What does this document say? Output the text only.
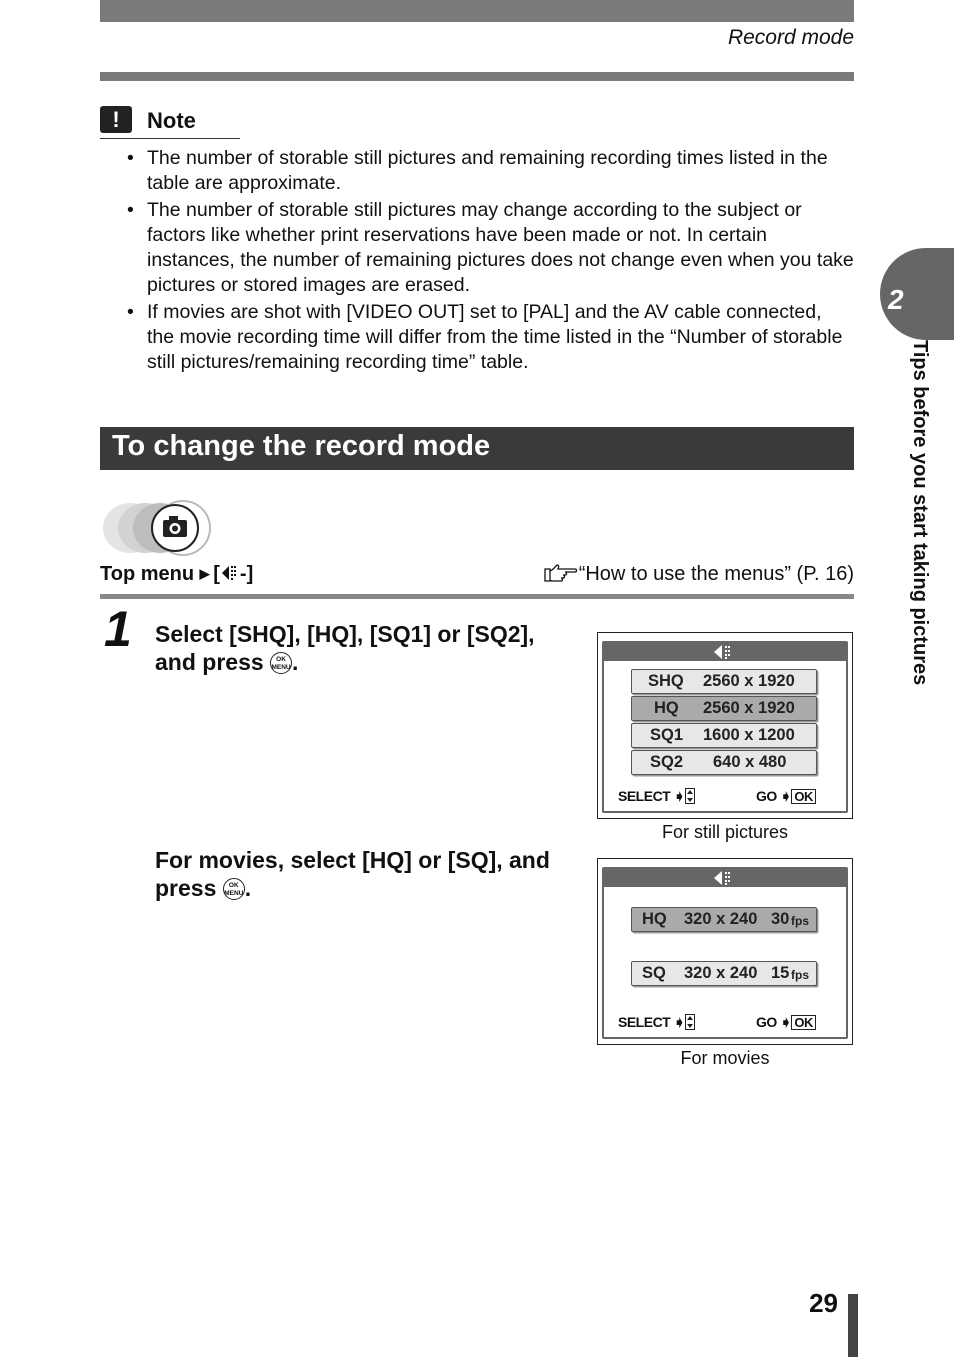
Record mode
!	Note
• The number of storable still pictures and remaining recording times listed in the table are approximate.
• The number of storable still pictures may change according to the subject or factors like whether print reservations have been made or not. In certain instances, the number of remaining pictures does not change even when you take pictures or stored images are erased.
• If movies are shot with [VIDEO OUT] set to [PAL] and the AV cable connected, the movie recording time will differ from the time listed in the “Number of storable still pictures/remaining recording time” table.
To change the record mode
Top menu ▶ [ -]	“How to use the menus” (P. 16)
1 Select [SHQ], [HQ], [SQ1] or [SQ2], and press OK
MENU.
For movies, select [HQ] or [SQ], and press OK
MENU.
SHQ 2560 x 1920
HQ 2560 x 1920
SQ1 1600 x 1200
SQ2 640 x 480
SELECT ➧	GO ➧ OK
For still pictures
HQ 320 x 240 30 fps
SQ 320 x 240 15 fps
SELECT ➧	GO ➧ OK
For movies
2
Tips before you start taking pictures
29
